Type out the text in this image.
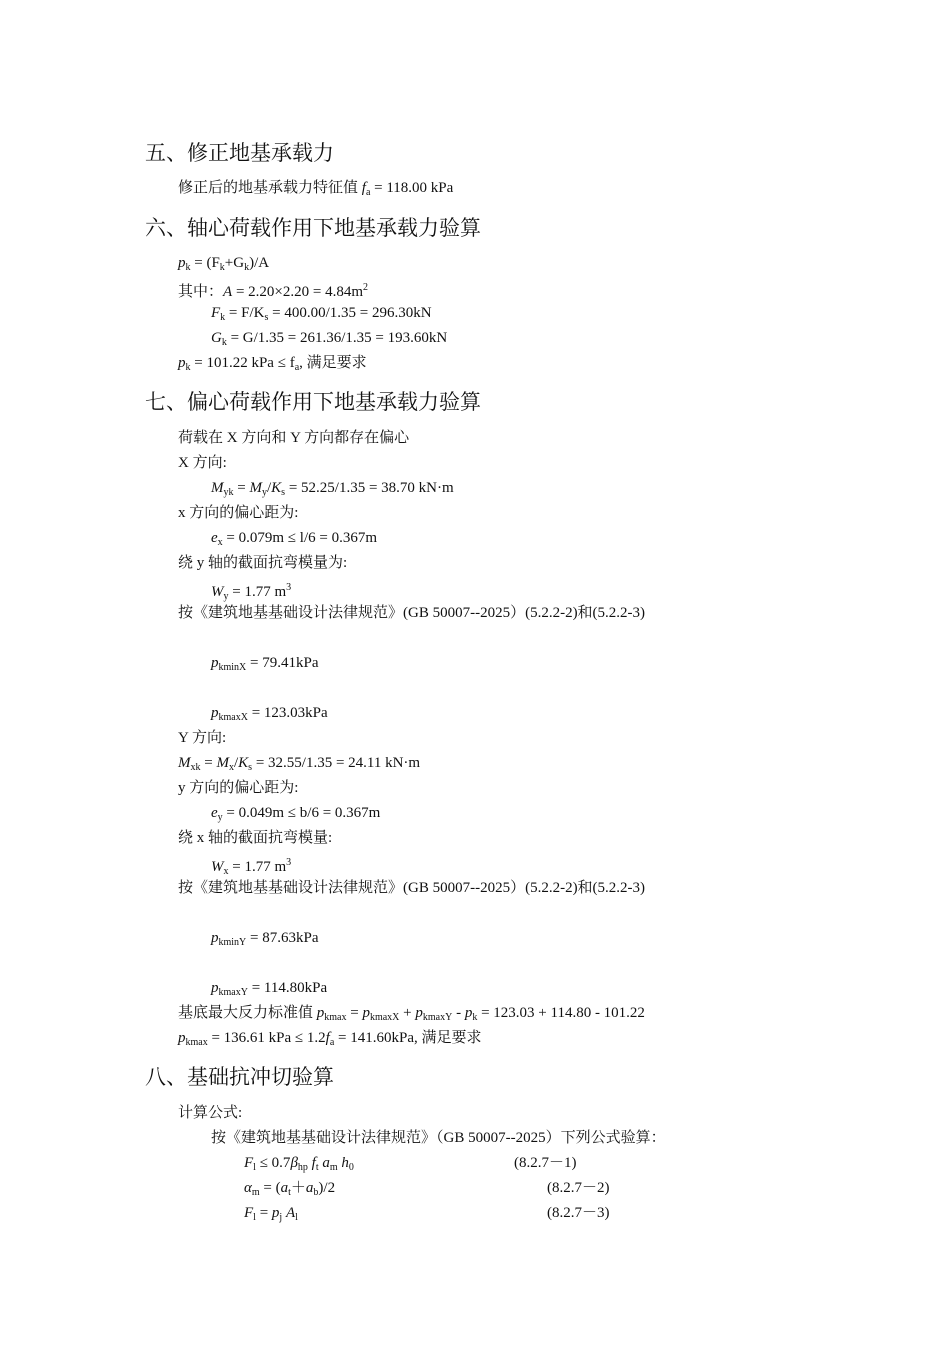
五、修正地基承载力
修正后的地基承载力特征值 $f_a = 118.00$ kPa
六、轴心荷载作用下地基承载力验算
$p_k = (F_k+G_k)/A$
其中：$A = 2.20\times 2.20 = 4.84m^2$
$F_k = F/K_s = 400.00/1.35 = 296.30kN$
$G_k = G/1.35 = 261.36/1.35 = 193.60kN$
$p_k = 101.22$ kPa ≤ $f_a$, 满足要求
七、偏心荷载作用下地基承载力验算
荷载在 X 方向和 Y 方向都存在偏心
X 方向:
$M_{yk} = M_y/K_s = 52.25/1.35 = 38.70$ kN·m
x 方向的偏心距为:
$e_x = 0.079m \le l/6 = 0.367m$
绕 y 轴的截面抗弯模量为:
$W_y = 1.77$ $m^3$
按《建筑地基基础设计法律规范》(GB 50007--2025）(5.2.2-2)和(5.2.2-3)
$p_{kminX} = 79.41kPa$
$p_{kmaxX} = 123.03kPa$
Y 方向:
$M_{xk} = M_x/K_s = 32.55/1.35 = 24.11$ kN·m
y 方向的偏心距为:
$e_y = 0.049m \le b/6 = 0.367m$
绕 x 轴的截面抗弯模量:
$W_x = 1.77$ $m^3$
按《建筑地基基础设计法律规范》(GB 50007--2025）(5.2.2-2)和(5.2.2-3)
$p_{kminY} = 87.63kPa$
$p_{kmaxY} = 114.80kPa$
基底最大反力标准值 $p_{kmax} = p_{kmaxX} + p_{kmaxY} - p_k = 123.03 + 114.80 - 101.22$
$p_{kmax} = 136.61$ kPa ≤ $1.2f_a = 141.60kPa$, 满足要求
八、基础抗冲切验算
计算公式:
按《建筑地基基础设计法律规范》（GB 50007--2025）下列公式验算：
$F_l \le 0.7\beta_{hp}$ $f_t$ $a_m$ $h_0$	(8.2.7－1)
$\alpha_m = (a_t+a_b)/2$	(8.2.7－2)
$F_l = p_j$ $A_l$	(8.2.7－3)
